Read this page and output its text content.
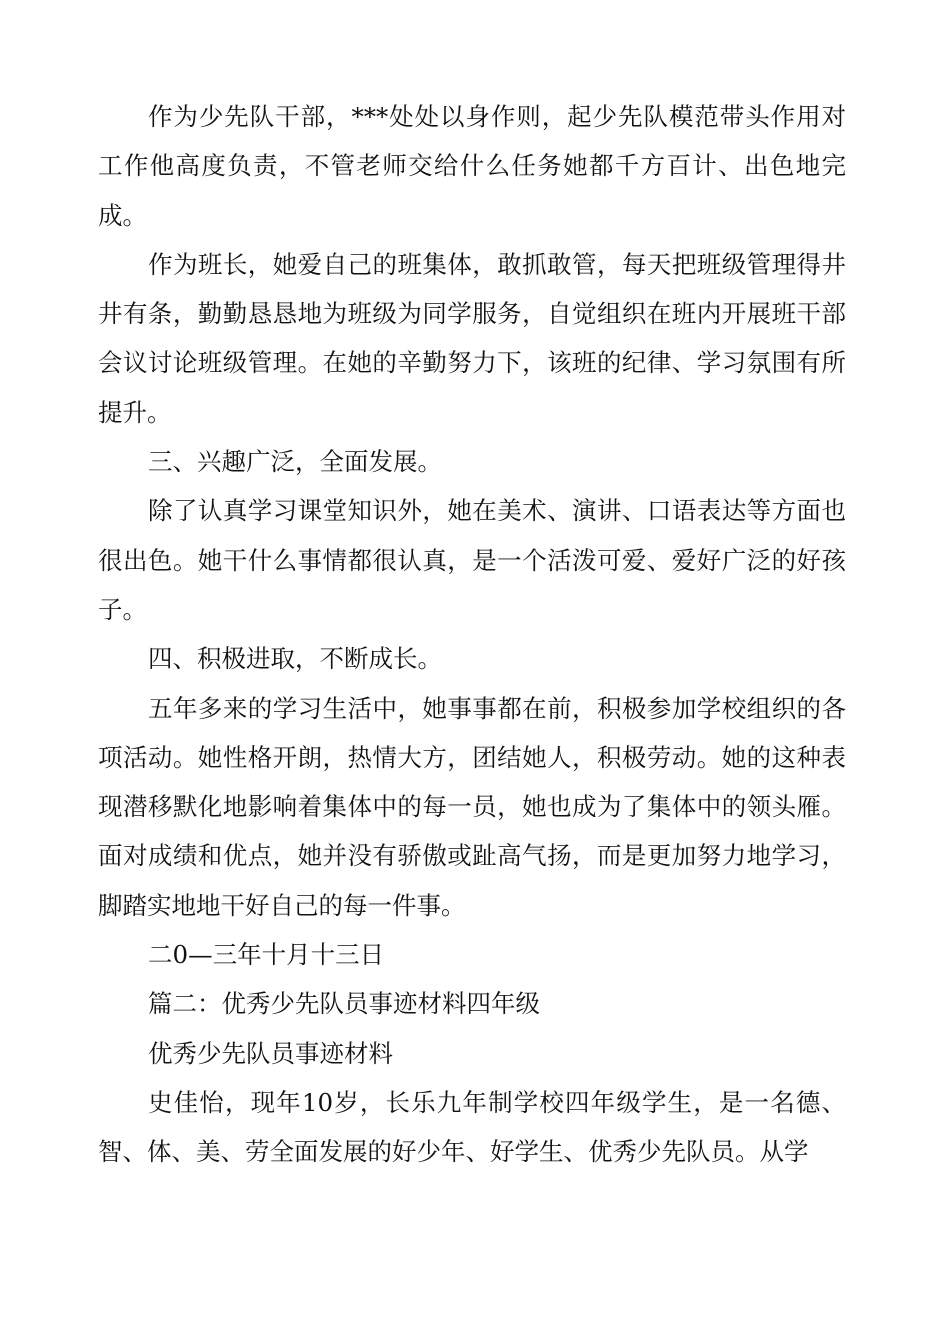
作为少先队干部，***处处以身作则，起少先队模范带头作用对工作他高度负责，不管老师交给什么任务她都千方百计、出色地完成。

作为班长，她爱自己的班集体，敢抓敢管，每天把班级管理得井井有条，勤勤恳恳地为班级为同学服务，自觉组织在班内开展班干部会议讨论班级管理。在她的辛勤努力下，该班的纪律、学习氛围有所提升。

三、兴趣广泛，全面发展。

除了认真学习课堂知识外，她在美术、演讲、口语表达等方面也很出色。她干什么事情都很认真，是一个活泼可爱、爱好广泛的好孩子。

四、积极进取，不断成长。

五年多来的学习生活中，她事事都在前，积极参加学校组织的各项活动。她性格开朗，热情大方，团结她人，积极劳动。她的这种表现潜移默化地影响着集体中的每一员，她也成为了集体中的领头雁。面对成绩和优点，她并没有骄傲或趾高气扬，而是更加努力地学习，脚踏实地地干好自己的每一件事。

二0—三年十月十三日

篇二：优秀少先队员事迹材料四年级

优秀少先队员事迹材料

史佳怡，现年10岁，长乐九年制学校四年级学生，是一名德、智、体、美、劳全面发展的好少年、好学生、优秀少先队员。从学
